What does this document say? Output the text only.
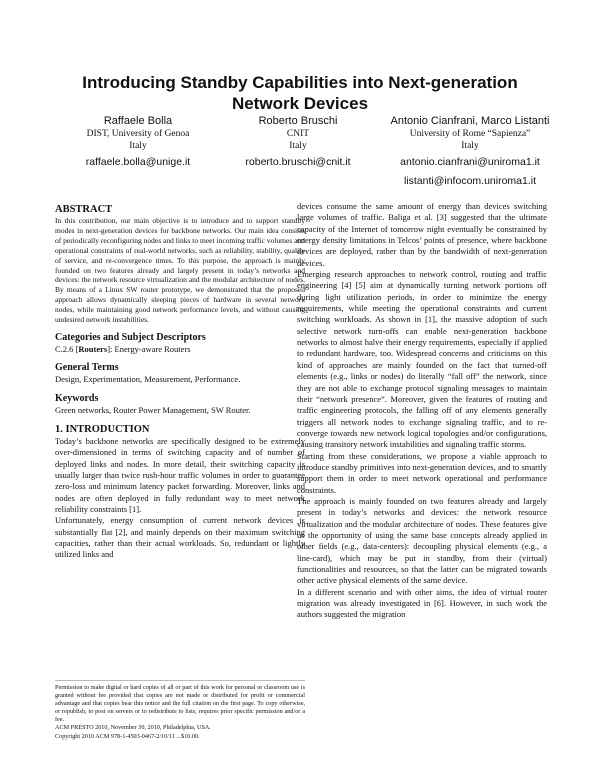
Introducing Standby Capabilities into Next-generation
Network Devices
Raffaele Bolla
DIST, University of Genoa
Italy
raffaele.bolla@unige.it
Roberto Bruschi
CNIT
Italy
roberto.bruschi@cnit.it
Antonio Cianfrani, Marco Listanti
University of Rome “Sapienza”
Italy
antonio.cianfrani@uniroma1.it
listanti@infocom.uniroma1.it
ABSTRACT

In this contribution, our main objective is to introduce and to support standby modes in next-generation devices for backbone networks. Our main idea consists of periodically reconfiguring nodes and links to meet incoming traffic volumes and operational constraints of real-world networks, such as reliability, stability, quality of service, and re-convergence times. To this purpose, the approach is mainly founded on two features already and largely present in today’s networks and devices: the network resource virtualization and the modular architecture of nodes. By means of a Linux SW router prototype, we demonstrated that the proposed approach allows dynamically sleeping pieces of hardware in several network nodes, while maintaining good network performance levels, and without causing undesired network instabilities.

Categories and Subject Descriptors
C.2.6 [Routers]: Energy-aware Routers
General Terms
Design, Experimentation, Measurement, Performance.
Keywords
Green networks, Router Power Management, SW Router.
1. INTRODUCTION

Today’s backbone networks are specifically designed to be extremely over-dimensioned in terms of switching capacity and of number of deployed links and nodes. In more detail, their switching capacity is usually larger than twice rush-hour traffic volumes in order to guarantee zero-loss and minimum latency packet forwarding. Moreover, links and nodes are often deployed in fully redundant way to meet network reliability constraints [1].

Unfortunately, energy consumption of current network devices is substantially flat [2], and mainly depends on their maximum switching capacities, rather than their actual workloads. So, redundant or lightly utilized links and

Permission to make digital or hard copies of all or part of this work for personal or classroom use is granted without fee provided that copies are not made or distributed for profit or commercial advantage and that copies bear this notice and the full citation on the first page. To copy otherwise, or republish, to post on servers or to redistribute to lists, requires prior specific permission and/or a fee.
ACM PRESTO 2010, November 30, 2010, Philadelphia, USA.
Copyright 2010 ACM 978-1-4503-0467-2/10/11 ...$10.00.

devices consume the same amount of energy than devices switching large volumes of traffic. Baliga et al. [3] suggested that the ultimate capacity of the Internet of tomorrow night eventually be constrained by energy density limitations in Telcos’ points of presence, where backbone devices are deployed, rather than by the bandwidth of next-generation devices.

Emerging research approaches to network control, routing and traffic engineering [4] [5] aim at dynamically turning network portions off during light utilization periods, in order to minimize the energy requirements, while meeting the operational constraints and current switching workloads. As shown in [1], the massive adoption of such selective network turn-offs can enable next-generation backbone networks to almost halve their energy requirements, especially if applied to redundant hardware, too. Widespread concerns and criticisms on this kind of approaches are mainly founded on the fact that turned-off elements (e.g., links or nodes) do literally “fall off” the network, since they are not able to exchange protocol signaling messages to maintain their “network presence”. Moreover, given the features of routing and traffic engineering protocols, the falling off of any elements generally triggers all network nodes to exchange signaling traffic, and to re-converge towards new network logical topologies and/or configurations, causing transitory network instabilities and signaling traffic storms.

Starting from these considerations, we propose a viable approach to introduce standby primitives into next-generation devices, and to smartly support them in order to meet network operational and performance constraints.

The approach is mainly founded on two features already and largely present in today’s networks and devices: the network resource virtualization and the modular architecture of nodes. These features give us the opportunity of using the same base concepts already applied in other fields (e.g., data-centers): decoupling physical elements (e.g., a line-card), which may be put in standby, from their (virtual) functionalities and resources, so that the latter can be migrated towards other active physical elements of the same device.

In a different scenario and with other aims, the idea of virtual router migration was already investigated in [6]. However, in such work the authors suggested the migration
